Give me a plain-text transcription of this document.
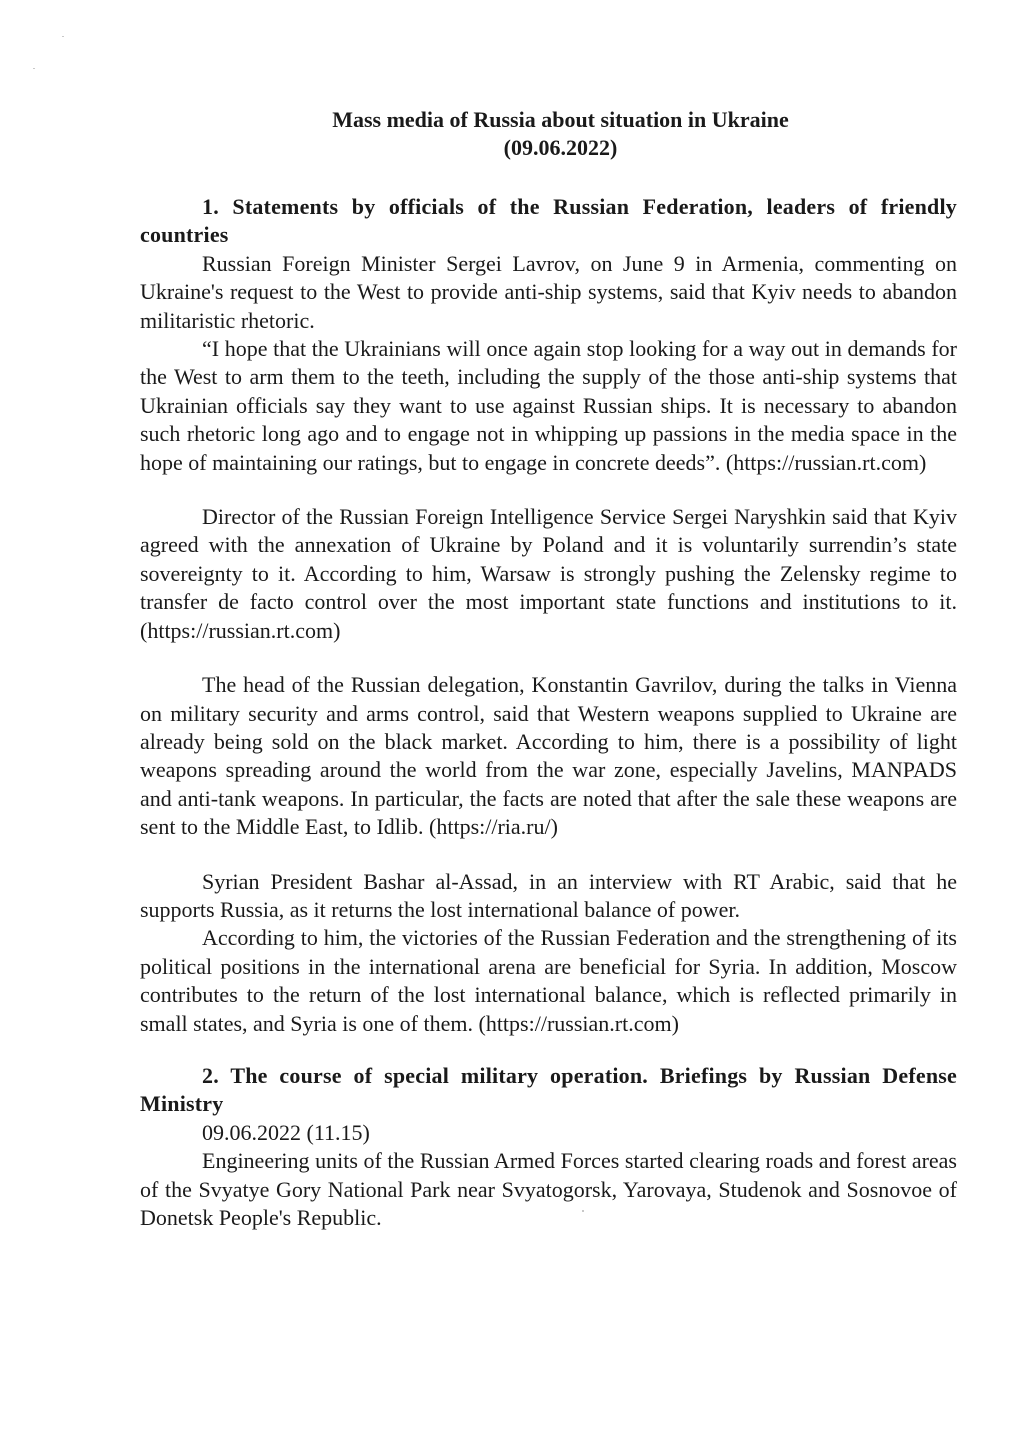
Mass media of Russia about situation in Ukraine

(09.06.2022)

1. Statements by officials of the Russian Federation, leaders of friendly countries

Russian Foreign Minister Sergei Lavrov, on June 9 in Armenia, commenting on Ukraine's request to the West to provide anti-ship systems, said that Kyiv needs to abandon militaristic rhetoric.

“I hope that the Ukrainians will once again stop looking for a way out in demands for the West to arm them to the teeth, including the supply of the those anti-ship systems that Ukrainian officials say they want to use against Russian ships. It is necessary to abandon such rhetoric long ago and to engage not in whipping up passions in the media space in the hope of maintaining our ratings, but to engage in concrete deeds”. (https://russian.rt.com)

Director of the Russian Foreign Intelligence Service Sergei Naryshkin said that Kyiv agreed with the annexation of Ukraine by Poland and it is voluntarily surrendin’s state sovereignty to it. According to him, Warsaw is strongly pushing the Zelensky regime to transfer de facto control over the most important state functions and institutions to it. (https://russian.rt.com)

The head of the Russian delegation, Konstantin Gavrilov, during the talks in Vienna on military security and arms control, said that Western weapons supplied to Ukraine are already being sold on the black market. According to him, there is a possibility of light weapons spreading around the world from the war zone, especially Javelins, MANPADS and anti-tank weapons. In particular, the facts are noted that after the sale these weapons are sent to the Middle East, to Idlib. (https://ria.ru/)

Syrian President Bashar al-Assad, in an interview with RT Arabic, said that he supports Russia, as it returns the lost international balance of power.

According to him, the victories of the Russian Federation and the strengthening of its political positions in the international arena are beneficial for Syria. In addition, Moscow contributes to the return of the lost international balance, which is reflected primarily in small states, and Syria is one of them. (https://russian.rt.com)

2. The course of special military operation. Briefings by Russian Defense Ministry

09.06.2022 (11.15)

Engineering units of the Russian Armed Forces started clearing roads and forest areas of the Svyatye Gory National Park near Svyatogorsk, Yarovaya, Studenok and Sosnovoe of Donetsk People's Republic.
